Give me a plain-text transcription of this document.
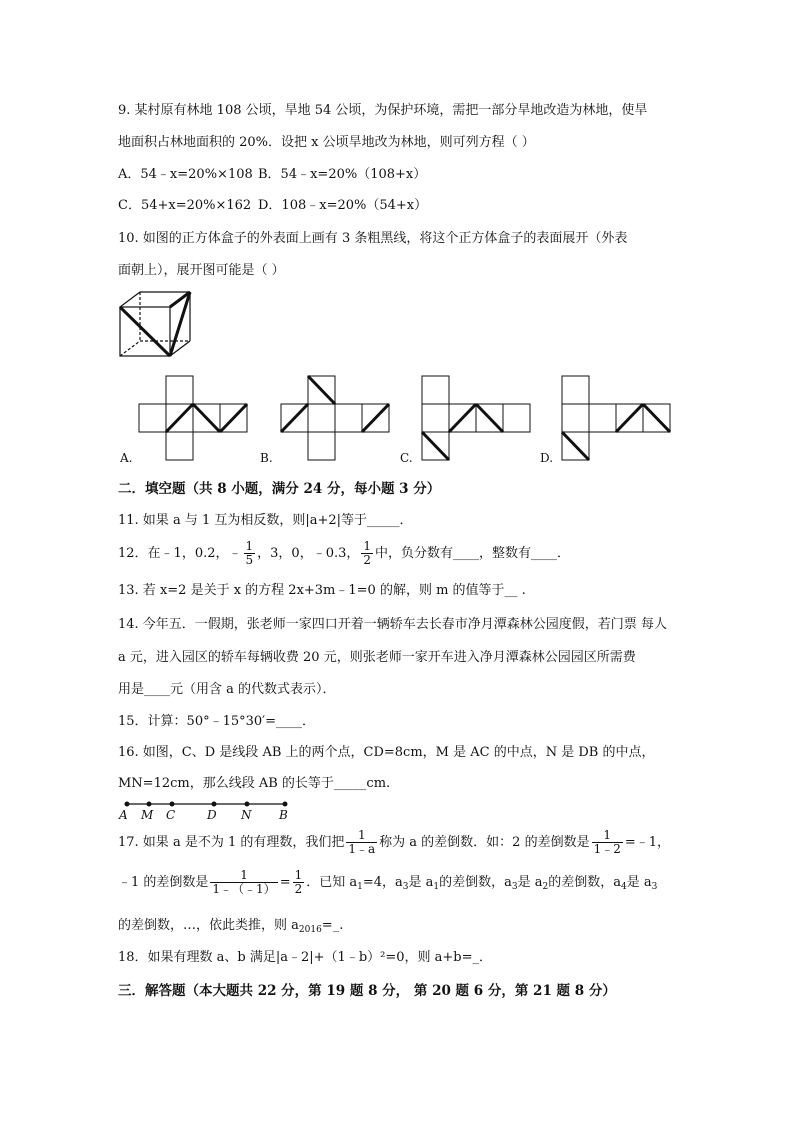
9. 某村原有林地 108 公顷，旱地 54 公顷，为保护环境，需把一部分旱地改造为林地，使旱
地面积占林地面积的 20%．设把 x 公顷旱地改为林地，则可列方程（ ）
A．54﹣x=20%×108 B．54﹣x=20%（108+x）
C．54+x=20%×162 D．108﹣x=20%（54+x）
10. 如图的正方体盒子的外表面上画有 3 条粗黑线，将这个正方体盒子的表面展开（外表
面朝上），展开图可能是（ ）
A.	B.	C.	D.
二．填空题（共 8 小题，满分 24 分，每小题 3 分）
11. 如果 a 与 1 互为相反数，则|a+2|等于_____．
12．在﹣1，0.2，﹣ $\frac{1}{5}$ ，3，0，﹣0.3， $\frac{1}{2}$ 中，负分数有____，整数有____．
13. 若 x=2 是关于 x 的方程 2x+3m﹣1=0 的解，则 m 的值等于__ .
14. 今年五．一假期，张老师一家四口开着一辆轿车去长春市净月潭森林公园度假，若门票 每人
a 元，进入园区的轿车每辆收费 20 元，则张老师一家开车进入净月潭森林公园园区所需费
用是____元（用含 a 的代数式表示）．
15．计算：50°﹣15°30′=____．
16. 如图，C、D 是线段 AB 上的两个点，CD=8cm，M 是 AC 的中点，N 是 DB 的中点，
MN=12cm，那么线段 AB 的长等于_____cm.
A M C	D N B
17. 如果 a 是不为 1 的有理数，我们把 $\frac{1}{1﹣a}$ 称为 a 的差倒数．如：2 的差倒数是 $\frac{1}{1﹣2}$ =﹣1，
﹣1 的差倒数是 $\frac{1}{1﹣(﹣1)} = \frac{1}{2}$ ．已知 $a_1=4$，$a_3$是 $a_1$的差倒数，$a_3$是 $a_2$的差倒数，$a_4$是 $a_3$
的差倒数，…，依此类推，则 $a_{2016}=\_$.
18．如果有理数 a、b 满足|a﹣2|+（1﹣b）²=0，则 a+b=_．
三．解答题（本大题共 22 分，第 19 题 8 分， 第 20 题 6 分，第 21 题 8 分）
